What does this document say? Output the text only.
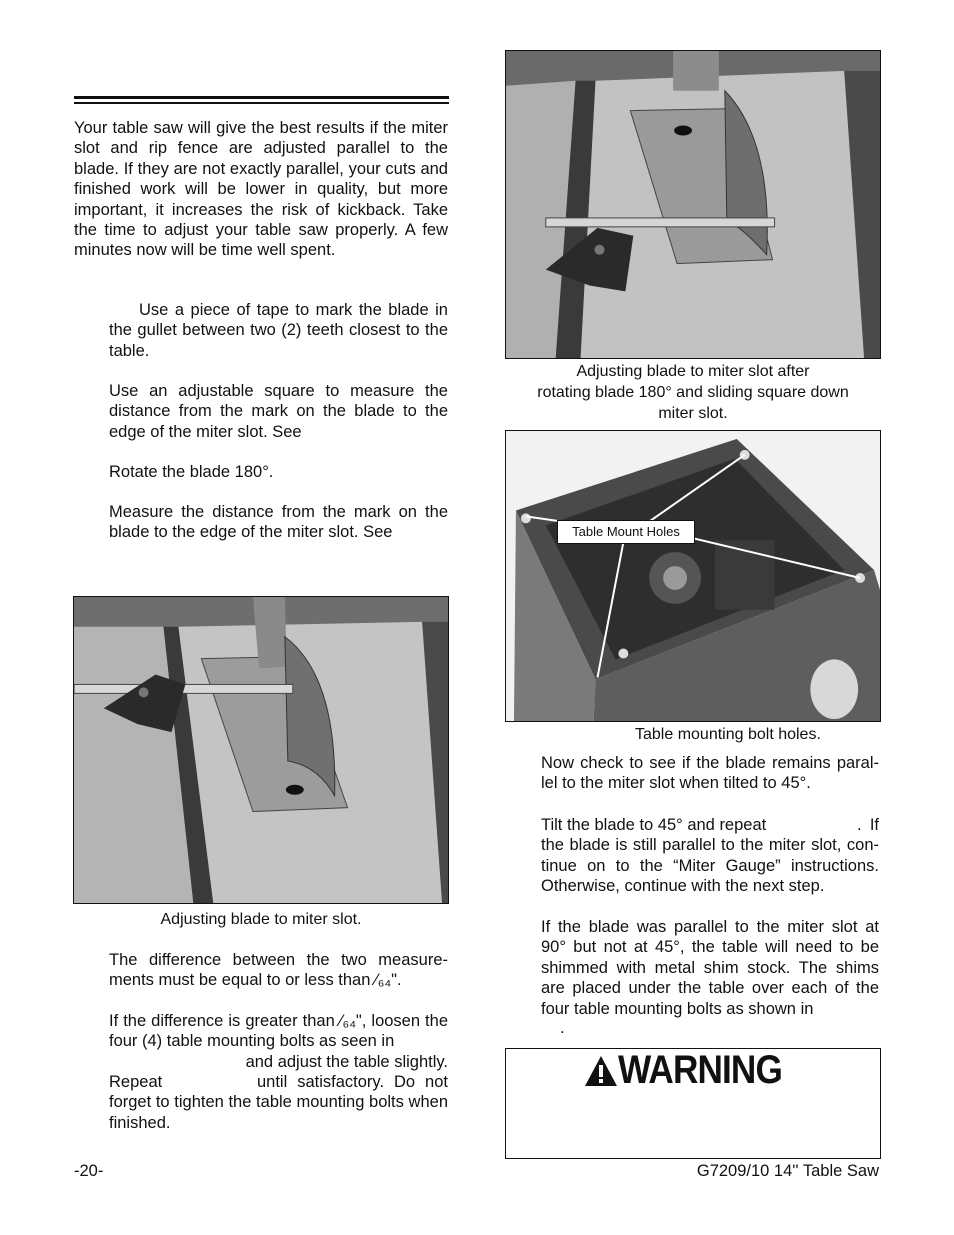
Your table saw will give the best results if the miter slot and rip fence are adjusted parallel to the blade. If they are not exactly parallel, your cuts and finished work will be lower in quality, but more important, it increases the risk of kickback. Take the time to adjust your table saw properly. A few minutes now will be time well spent.
Use a piece of tape to mark the blade in the gullet between two (2) teeth closest to the table.
Use an adjustable square to measure the distance from the mark on the blade to the edge of the miter slot. See
Rotate the blade 180°.
Measure the distance from the mark on the blade to the edge of the miter slot. See
Adjusting blade to miter slot.
The difference between the two measure-ments must be equal to or less than ⁄₆₄".
If the difference is greater than ⁄₆₄", loosen the four (4) table mounting bolts as seen in
and adjust the table slightly.
Repeat	until satisfactory. Do not forget to tighten the table mounting bolts when finished.
Adjusting blade to miter slot after
rotating blade 180° and sliding square down
miter slot.
Table Mount Holes
Table mounting bolt holes.
Now check to see if the blade remains paral-lel to the miter slot when tilted to 45°.
Tilt the blade to 45° and repeat	. If the blade is still parallel to the miter slot, con-tinue on to the “Miter Gauge” instructions. Otherwise, continue with the next step.
If the blade was parallel to the miter slot at 90° but not at 45°, the table will need to be shimmed with metal shim stock. The shims are placed under the table over each of the four table mounting bolts as shown in
.
WARNING
-20-	G7209/10 14'' Table Saw
